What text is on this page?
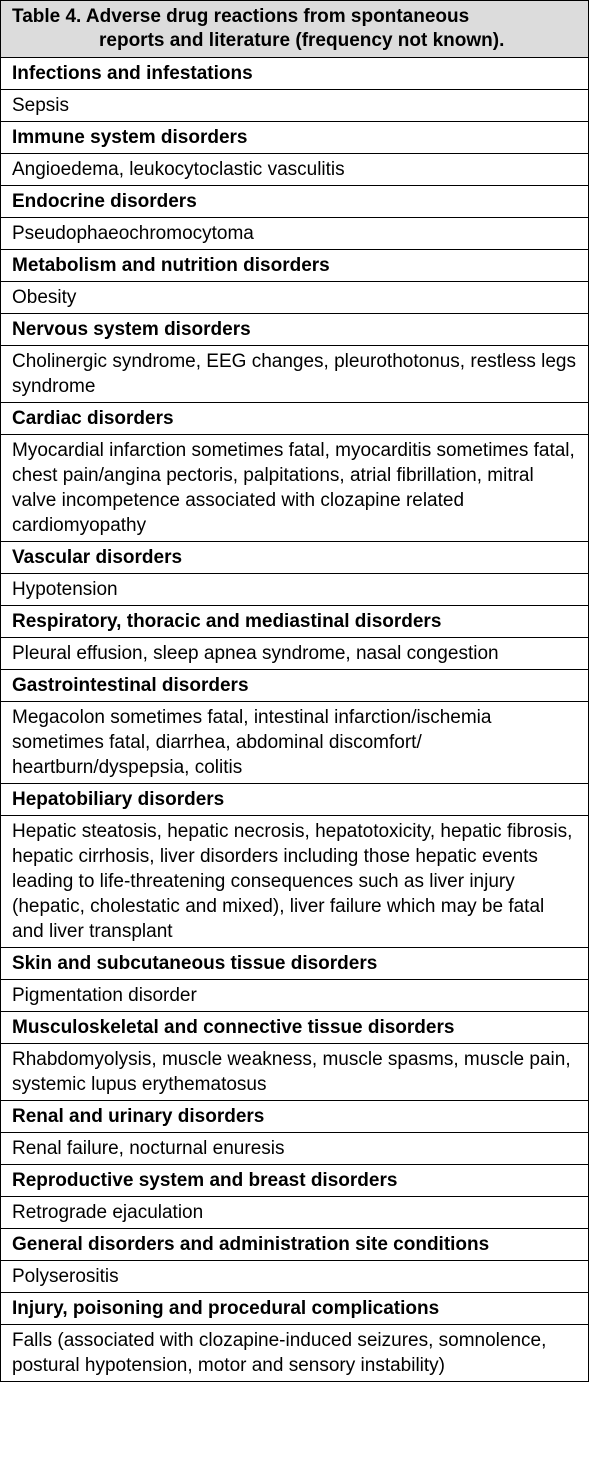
Table 4. Adverse drug reactions from spontaneous
reports and literature (frequency not known).

Infections and infestations
Sepsis
Immune system disorders
Angioedema, leukocytoclastic vasculitis
Endocrine disorders
Pseudophaeochromocytoma
Metabolism and nutrition disorders
Obesity
Nervous system disorders
Cholinergic syndrome, EEG changes, pleurothotonus, restless legs syndrome
Cardiac disorders
Myocardial infarction sometimes fatal, myocarditis sometimes fatal, chest pain/angina pectoris, palpitations, atrial fibrillation, mitral valve incompetence associated with clozapine related cardiomyopathy
Vascular disorders
Hypotension
Respiratory, thoracic and mediastinal disorders
Pleural effusion, sleep apnea syndrome, nasal congestion
Gastrointestinal disorders
Megacolon sometimes fatal, intestinal infarction/ischemia sometimes fatal, diarrhea, abdominal discomfort/ heartburn/dyspepsia, colitis
Hepatobiliary disorders
Hepatic steatosis, hepatic necrosis, hepatotoxicity, hepatic fibrosis, hepatic cirrhosis, liver disorders including those hepatic events leading to life-threatening consequences such as liver injury (hepatic, cholestatic and mixed), liver failure which may be fatal and liver transplant
Skin and subcutaneous tissue disorders
Pigmentation disorder
Musculoskeletal and connective tissue disorders
Rhabdomyolysis, muscle weakness, muscle spasms, muscle pain, systemic lupus erythematosus
Renal and urinary disorders
Renal failure, nocturnal enuresis
Reproductive system and breast disorders
Retrograde ejaculation
General disorders and administration site conditions
Polyserositis
Injury, poisoning and procedural complications
Falls (associated with clozapine-induced seizures, somnolence, postural hypotension, motor and sensory instability)
